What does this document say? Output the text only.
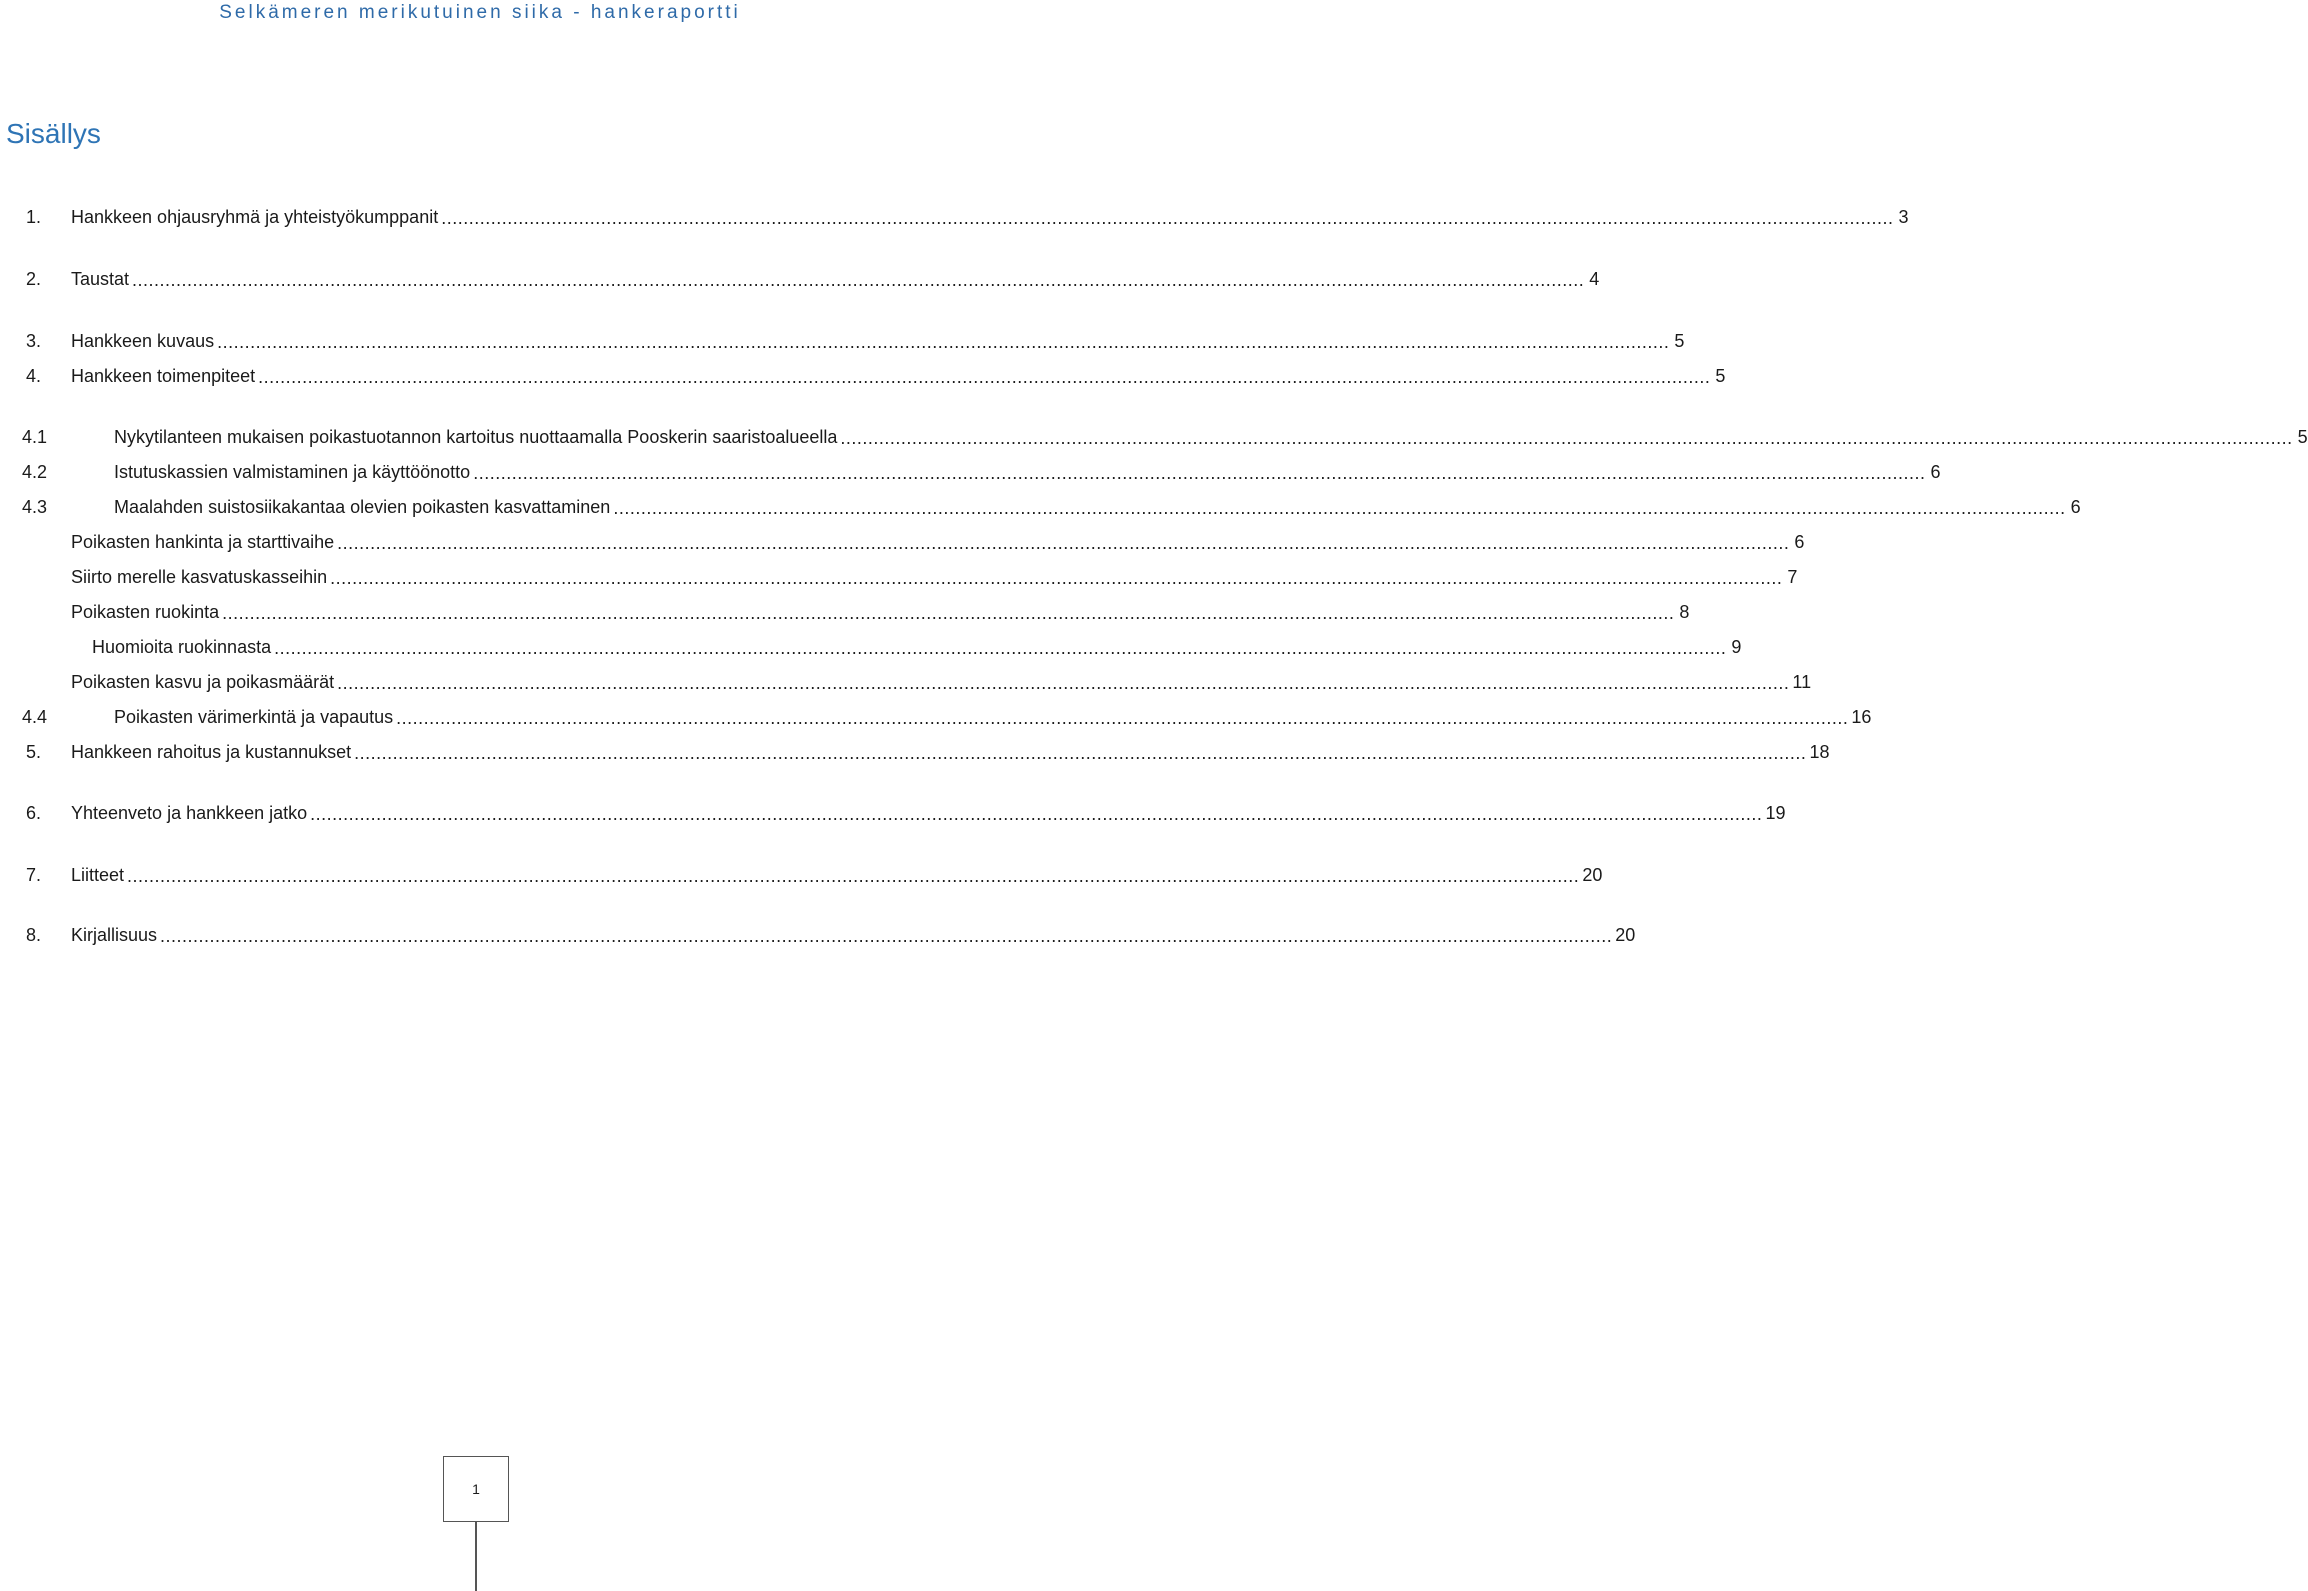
Selkämeren merikutuinen siika - hankeraportti
Sisällys
1.	Hankkeen ohjausryhmä ja yhteistyökumppanit .....	3
2.	Taustat .....	4
3.	Hankkeen kuvaus .....	5
4.	Hankkeen toimenpiteet .....	5
4.1	Nykytilanteen mukaisen poikastuotannon kartoitus nuottaamalla Pooskerin saaristoalueella .....	5
4.2	Istutuskassien valmistaminen ja käyttöönotto .....	6
4.3	Maalahden suistosiikakantaa olevien poikasten kasvattaminen .....	6
Poikasten hankinta ja starttivaihe .....	6
Siirto merelle kasvatuskasseihin .....	7
Poikasten ruokinta .....	8
Huomioita ruokinnasta .....	9
Poikasten kasvu ja poikasmäärät .....	11
4.4	Poikasten värimerkintä ja vapautus .....	16
5.	Hankkeen rahoitus ja kustannukset .....	18
6.	Yhteenveto ja hankkeen jatko .....	19
7.	Liitteet .....	20
8.	Kirjallisuus .....	20
1
